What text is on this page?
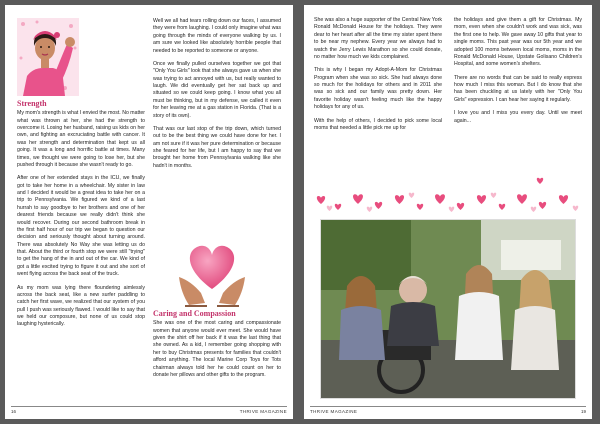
Strength

My mom's strength is what I envied the most. No matter what was thrown at her, she had the strength to overcome it. Losing her husband, raising us kids on her own, and fighting an excruciating battle with cancer. It was her strength and determination that kept us all going. It was a long and horrific battle at times. Many times, we thought we were going to lose her, but she pushed through it because she wasn't ready to go.

After one of her extended stays in the ICU, we finally got to take her home in a wheelchair. My sister in law and I decided it would be a great idea to take her on a trip to Pennsylvania. We figured we kind of a last hurrah to say goodbye to her brothers and one of her dearest friends because we really didn't think she would recover. During our second bathroom break in the first half hour of our trip we began to question our decision and seriously thought about turning around. There was absolutely No Way she was letting us do that. About the third or fourth stop we were still "trying" to get the hang of the in and out of the car. We kind of got a little excited trying to figure it out and she sort of went flying across the back seat of the truck.

As my mom was lying there floundering aimlessly across the back seat, like a new surfer paddling to catch her first wave, we realized that our system of you pull I push was seriously flawed. I would like to say that we held our composure, but none of us could stop laughing hysterically.

Well we all had tears rolling down our faces, I assumed they were from laughing. I could only imagine what was going through the minds of everyone walking by us. I am sure we looked like absolutely horrible people that needed to be reported to someone or anyone.

Once we finally pulled ourselves together we got that "Only You Girls" look that she always gave us when she was trying to act annoyed with us, but really wanted to laugh. We did eventually get her sat back up and situated so we could keep going. I know what you all must be thinking, but in my defense, we called it even for her leaving me at a gas station in Florida. (That is a story of its own).

That was our last stop of the trip down, which turned out to be the best thing we could have done for her. I am not sure if it was her pure determination or because she feared for her life, but I am happy to say that we brought her home from Pennsylvania walking like she hadn't in months.

Caring and Compassion

She was one of the most caring and compassionate women that anyone would ever meet. She would have given the shirt off her back if it was the last thing that she owned. As a kid, I remember going shopping with her to buy Christmas presents for families that couldn't afford anything. The local Marine Corp Toys for Tots chairman always told her he could count on her to donate her pillows and other gifts to the program.

16	THRIVE MAGAZINE

She was also a huge supporter of the Central New York Ronald McDonald House for the holidays. They were dear to her heart after all the time my sister spent there to be near my nephew. Every year we always had to watch the Jerry Lewis Marathon so she could donate, no matter how much we kids complained.

This is why I began my Adopt-A-Mom for Christmas Program when she was so sick. She had always done so much for the holidays for others and in 2011 she was so sick and our family was pretty down. Her favorite holiday wasn't feeling much like the happy holidays for any of us.

With the help of others, I decided to pick some local moms that needed a little pick me up for

the holidays and give them a gift for Christmas. My mom, even when she couldn't work and was sick, was the first one to help. We gave away 10 gifts that year to single moms. This past year was our 5th year and we adopted 100 moms between local moms, moms in the Ronald McDonald House, Upstate Golisano Children's Hospital, and some women's shelters.

There are no words that can be said to really express how much I miss this woman. But I do know that she has been chuckling at us lately with her "Only You Girls" expression. I can hear her saying it regularly.

I love you and I miss you every day. Until we meet again...

THRIVE MAGAZINE	19
